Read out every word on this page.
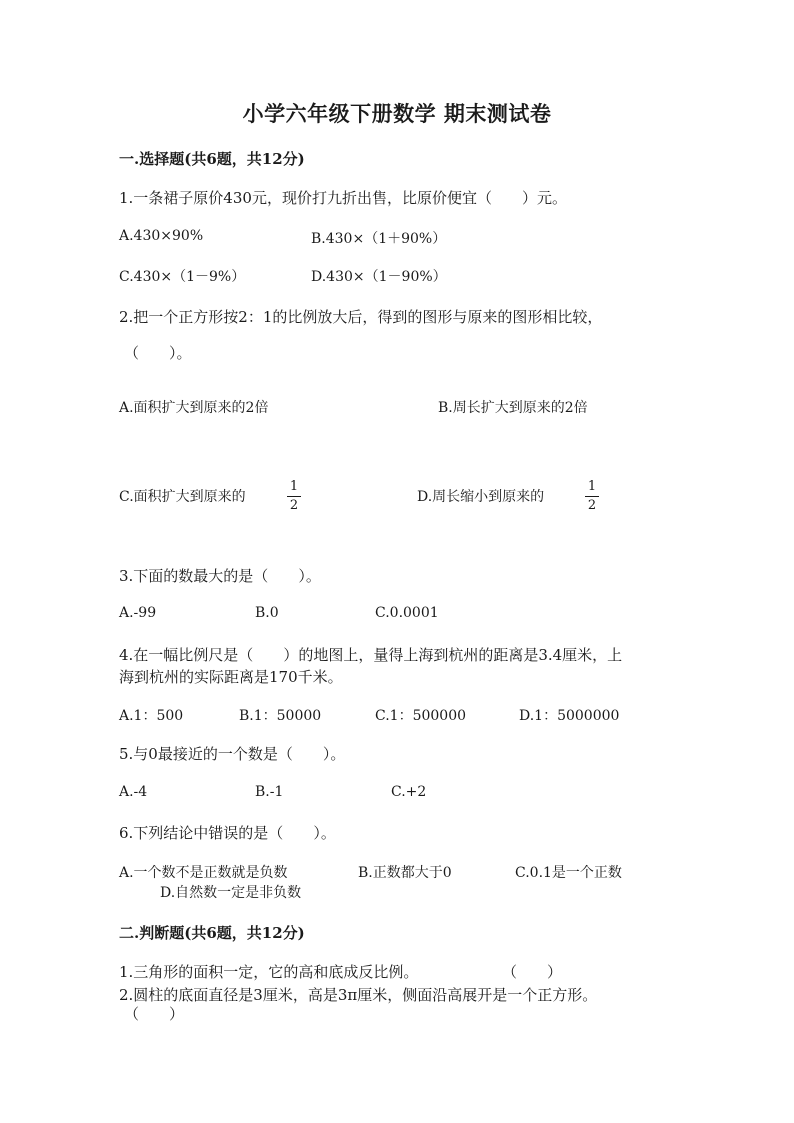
小学六年级下册数学 期末测试卷
一.选择题(共6题，共12分)
1.一条裙子原价430元，现价打九折出售，比原价便宜（　　）元。
A.430×90%	B.430×（1＋90%）
C.430×（1－9%）	D.430×（1－90%）
2.把一个正方形按2：1的比例放大后，得到的图形与原来的图形相比较，
（　　）。
A.面积扩大到原来的2倍	B.周长扩大到原来的2倍
C.面积扩大到原来的
1
2
D.周长缩小到原来的
1
2
3.下面的数最大的是（　　）。
A.-99	B.0	C.0.0001
4.在一幅比例尺是（　　）的地图上，量得上海到杭州的距离是3.4厘米，上
海到杭州的实际距离是170千米。
A.1：500	B.1：50000	C.1：500000	D.1：5000000
5.与0最接近的一个数是（　　）。
A.-4	B.-1	C.+2
6.下列结论中错误的是（　　）。
A.一个数不是正数就是负数	B.正数都大于0	C.0.1是一个正数
D.自然数一定是非负数
二.判断题(共6题，共12分)
1.三角形的面积一定，它的高和底成反比例。	（　　）
2.圆柱的底面直径是3厘米，高是3π厘米，侧面沿高展开是一个正方形。
（　　）
